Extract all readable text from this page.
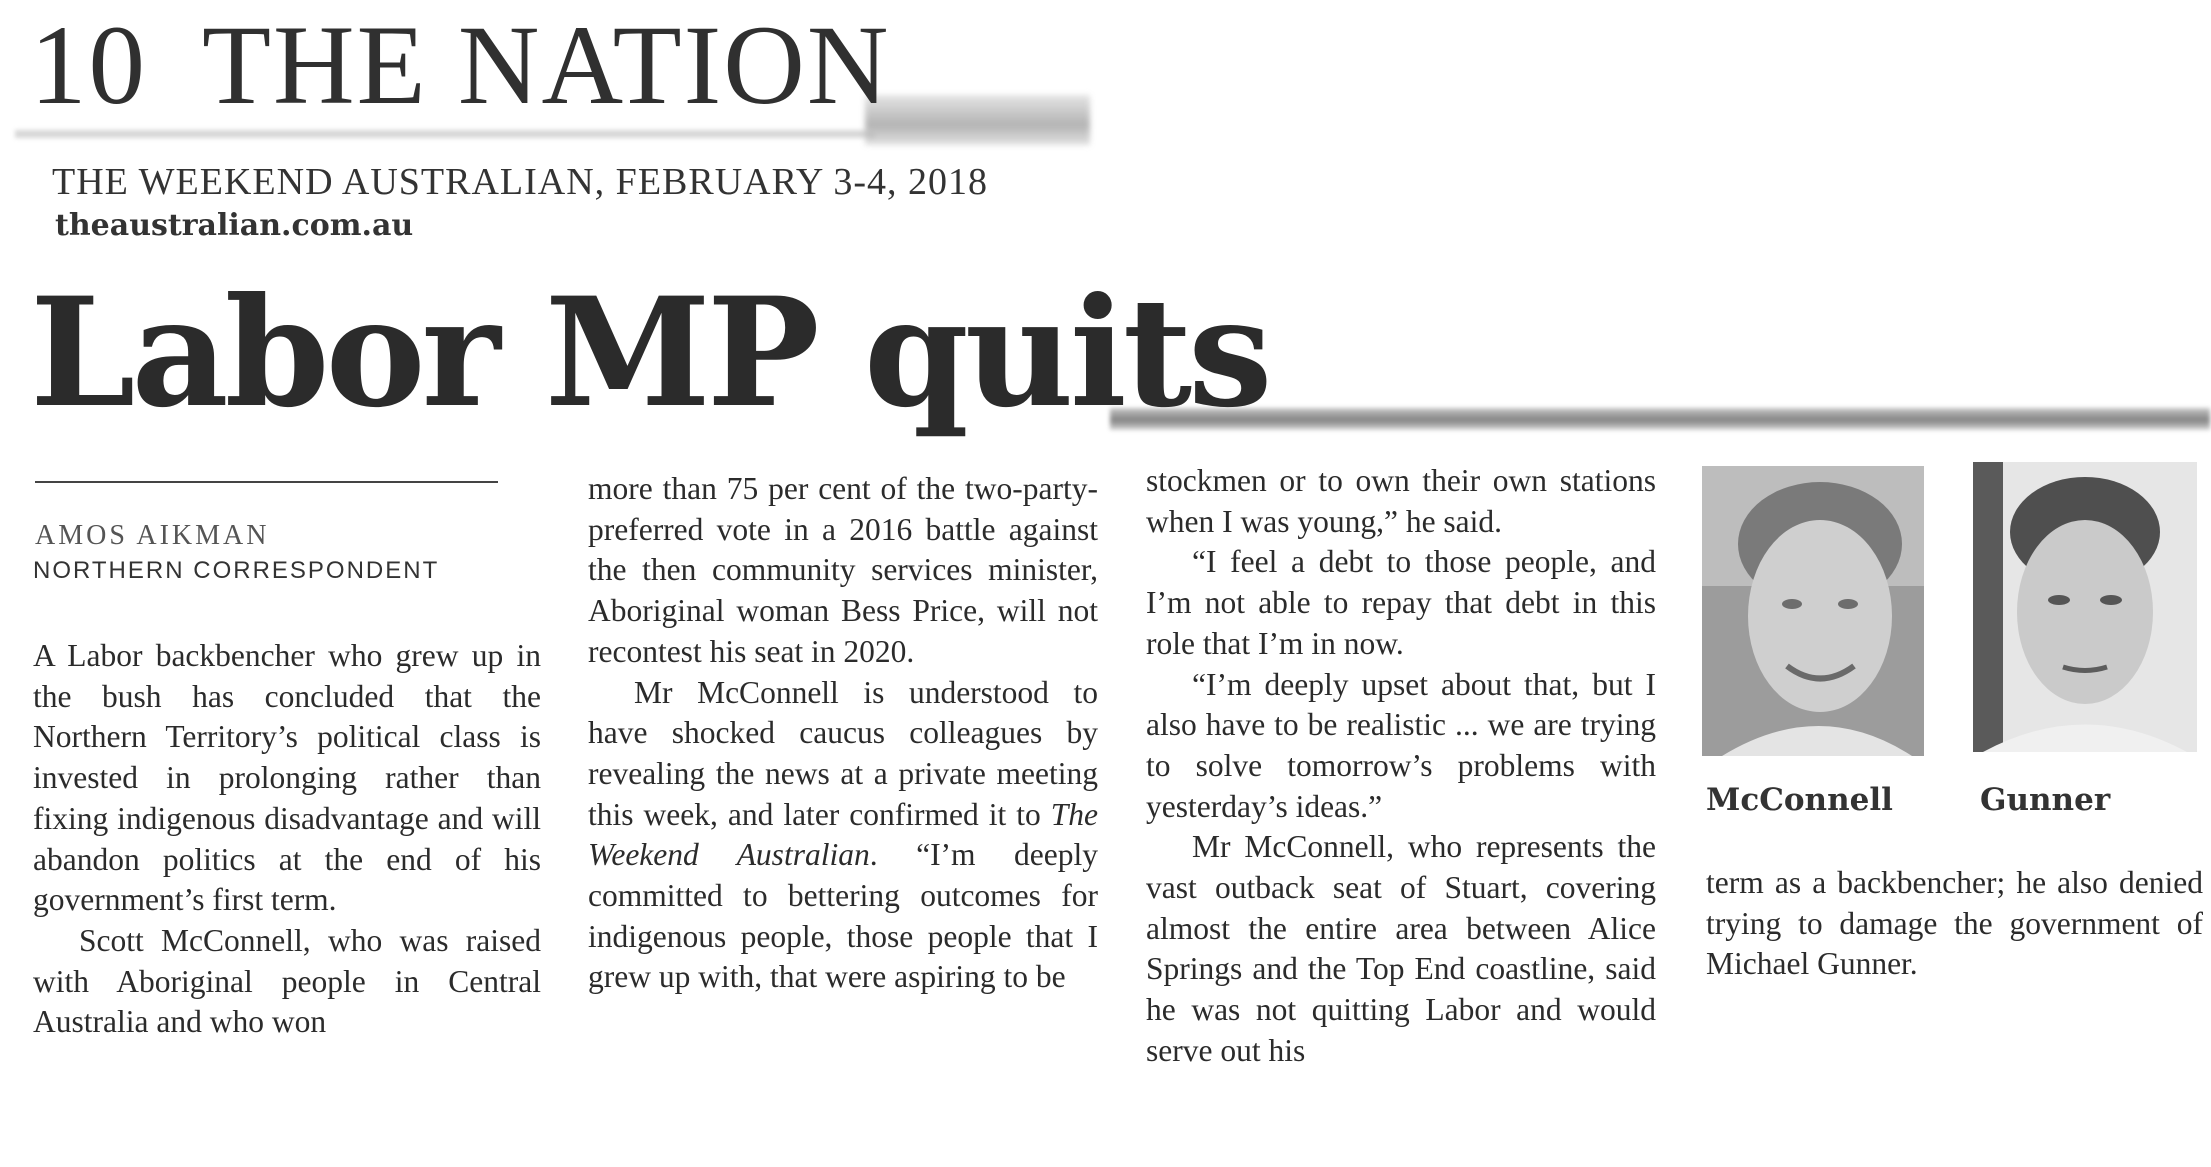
10 THE NATION
THE WEEKEND AUSTRALIAN, FEBRUARY 3-4, 2018
theaustralian.com.au
Labor MP quits
AMOS AIKMAN
NORTHERN CORRESPONDENT

A Labor backbencher who grew up in the bush has concluded that the Northern Territory’s political class is invested in prolonging rather than fixing indigenous disadvantage and will abandon politics at the end of his government’s first term.

Scott McConnell, who was raised with Aboriginal people in Central Australia and who won

more than 75 per cent of the two-party-preferred vote in a 2016 battle against the then community services minister, Aboriginal woman Bess Price, will not recontest his seat in 2020.

Mr McConnell is understood to have shocked caucus colleagues by revealing the news at a private meeting this week, and later confirmed it to The Weekend Australian. “I’m deeply committed to bettering outcomes for indigenous people, those people that I grew up with, that were aspiring to be

stockmen or to own their own stations when I was young,” he said.

“I feel a debt to those people, and I’m not able to repay that debt in this role that I’m in now.

“I’m deeply upset about that, but I also have to be realistic ... we are trying to solve tomorrow’s problems with yesterday’s ideas.”

Mr McConnell, who represents the vast outback seat of Stuart, covering almost the entire area between Alice Springs and the Top End coastline, said he was not quitting Labor and would serve out his

McConnell	Gunner

term as a backbencher; he also denied trying to damage the government of Michael Gunner.
